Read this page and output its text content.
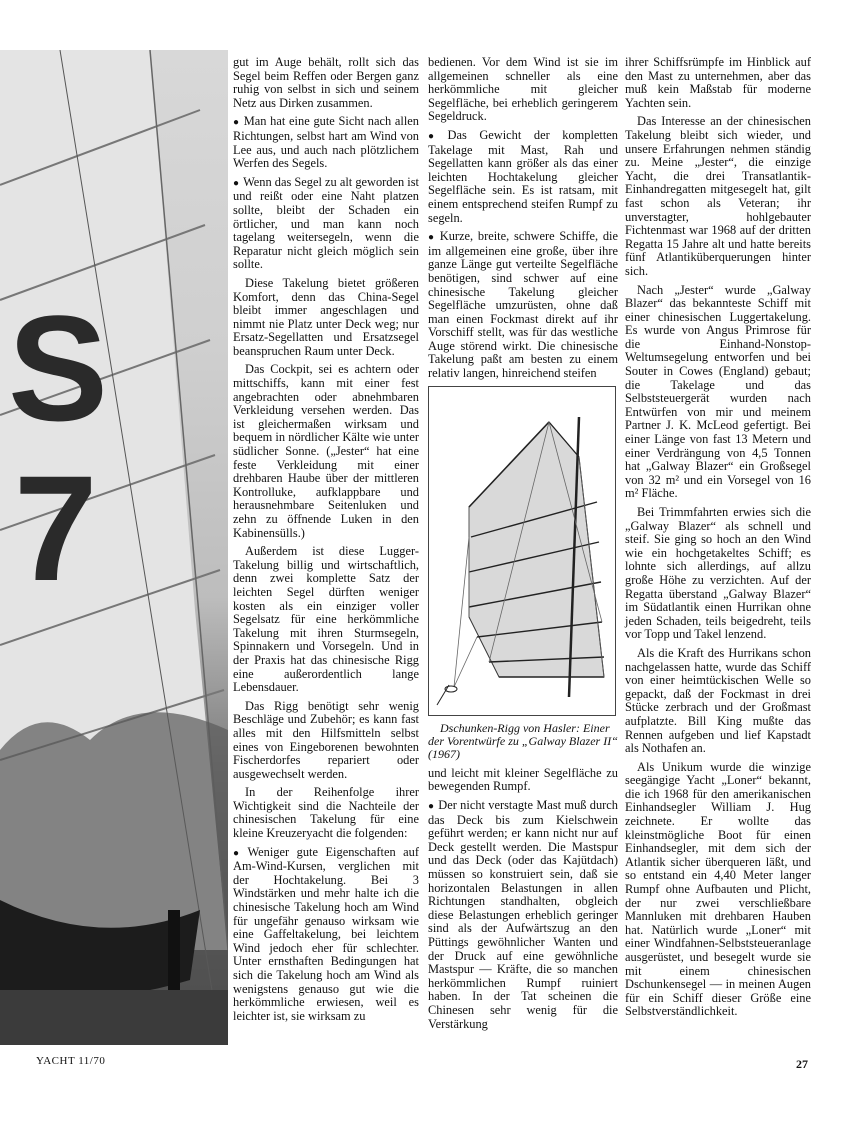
S
7

gut im Auge behält, rollt sich das Segel beim Reffen oder Bergen ganz ruhig von selbst in sich und seinem Netz aus Dirken zusammen.

● Man hat eine gute Sicht nach allen Richtungen, selbst hart am Wind von Lee aus, und auch nach plötzlichem Werfen des Segels.

● Wenn das Segel zu alt geworden ist und reißt oder eine Naht platzen sollte, bleibt der Schaden ein örtlicher, und man kann noch tagelang weitersegeln, wenn die Reparatur nicht gleich möglich sein sollte.

Diese Takelung bietet größeren Komfort, denn das China-Segel bleibt immer angeschlagen und nimmt nie Platz unter Deck weg; nur Ersatz-Segellatten und Ersatzsegel beanspruchen Raum unter Deck.

Das Cockpit, sei es achtern oder mittschiffs, kann mit einer fest angebrachten oder abnehmbaren Verkleidung versehen werden. Das ist gleichermaßen wirksam und bequem in nördlicher Kälte wie unter südlicher Sonne. („Jester“ hat eine feste Verkleidung mit einer drehbaren Haube über der mittleren Kontrolluke, aufklappbare und herausnehmbare Seitenluken und zehn zu öffnende Luken in den Kabinensülls.)

Außerdem ist diese Lugger-Takelung billig und wirtschaftlich, denn zwei komplette Satz der leichten Segel dürften weniger kosten als ein einziger voller Segelsatz für eine herkömmliche Takelung mit ihren Sturmsegeln, Spinnakern und Vorsegeln. Und in der Praxis hat das chinesische Rigg eine außerordentlich lange Lebensdauer.

Das Rigg benötigt sehr wenig Beschläge und Zubehör; es kann fast alles mit den Hilfsmitteln selbst eines von Eingeborenen bewohnten Fischerdorfes repariert oder ausgewechselt werden.

In der Reihenfolge ihrer Wichtigkeit sind die Nachteile der chinesischen Takelung für eine kleine Kreuzeryacht die folgenden:

● Weniger gute Eigenschaften auf Am-Wind-Kursen, verglichen mit der Hochtakelung. Bei 3 Windstärken und mehr halte ich die chinesische Takelung hoch am Wind für ungefähr genauso wirksam wie eine Gaffeltakelung, bei leichtem Wind jedoch eher für schlechter. Unter ernsthaften Bedingungen hat sich die Takelung hoch am Wind als wenigstens genauso gut wie die herkömmliche erwiesen, weil es leichter ist, sie wirksam zu

bedienen. Vor dem Wind ist sie im allgemeinen schneller als eine herkömmliche mit gleicher Segelfläche, bei erheblich geringerem Segeldruck.

● Das Gewicht der kompletten Takelage mit Mast, Rah und Segellatten kann größer als das einer leichten Hochtakelung gleicher Segelfläche sein. Es ist ratsam, mit einem entsprechend steifen Rumpf zu segeln.

● Kurze, breite, schwere Schiffe, die im allgemeinen eine große, über ihre ganze Länge gut verteilte Segelfläche benötigen, sind schwer auf eine chinesische Takelung gleicher Segelfläche umzurüsten, ohne daß man einen Fockmast direkt auf ihr Vorschiff stellt, was für das westliche Auge störend wirkt. Die chinesische Takelung paßt am besten zu einem relativ langen, hinreichend steifen

Dschunken-Rigg von Hasler: Einer der Vorentwürfe zu „Galway Blazer II“ (1967)

und leicht mit kleiner Segelfläche zu bewegenden Rumpf.

● Der nicht verstagte Mast muß durch das Deck bis zum Kielschwein geführt werden; er kann nicht nur auf Deck gestellt werden. Die Mastspur und das Deck (oder das Kajütdach) müssen so konstruiert sein, daß sie horizontalen Belastungen in allen Richtungen standhalten, obgleich diese Belastungen erheblich geringer sind als der Aufwärtszug an den Püttings gewöhnlicher Wanten und der Druck auf eine gewöhnliche Mastspur — Kräfte, die so manchen herkömmlichen Rumpf ruiniert haben. In der Tat scheinen die Chinesen sehr wenig für die Verstärkung

ihrer Schiffsrümpfe im Hinblick auf den Mast zu unternehmen, aber das muß kein Maßstab für moderne Yachten sein.

Das Interesse an der chinesischen Takelung bleibt sich wieder, und unsere Erfahrungen nehmen ständig zu. Meine „Jester“, die einzige Yacht, die drei Transatlantik-Einhandregatten mitgesegelt hat, gilt fast schon als Veteran; ihr unverstagter, hohlgebauter Fichtenmast war 1968 auf der dritten Regatta 15 Jahre alt und hatte bereits fünf Atlantiküberquerungen hinter sich.

Nach „Jester“ wurde „Galway Blazer“ das bekannteste Schiff mit einer chinesischen Luggertakelung. Es wurde von Angus Primrose für die Einhand-Nonstop-Weltumsegelung entworfen und bei Souter in Cowes (England) gebaut; die Takelage und das Selbststeuergerät wurden nach Entwürfen von mir und meinem Partner J. K. McLeod gefertigt. Bei einer Länge von fast 13 Metern und einer Verdrängung von 4,5 Tonnen hat „Galway Blazer“ ein Großsegel von 32 m² und ein Vorsegel von 16 m² Fläche.

Bei Trimmfahrten erwies sich die „Galway Blazer“ als schnell und steif. Sie ging so hoch an den Wind wie ein hochgetakeltes Schiff; es lohnte sich allerdings, auf allzu große Höhe zu verzichten. Auf der Regatta überstand „Galway Blazer“ im Südatlantik einen Hurrikan ohne jeden Schaden, teils beigedreht, teils vor Topp und Takel lenzend.

Als die Kraft des Hurrikans schon nachgelassen hatte, wurde das Schiff von einer heimtückischen Welle so gepackt, daß der Fockmast in drei Stücke zerbrach und der Großmast aufplatzte. Bill King mußte das Rennen aufgeben und lief Kapstadt als Nothafen an.

Als Unikum wurde die winzige seegängige Yacht „Loner“ bekannt, die ich 1968 für den amerikanischen Einhandsegler William J. Hug zeichnete. Er wollte das kleinstmögliche Boot für einen Einhandsegler, mit dem sich der Atlantik sicher überqueren läßt, und so entstand ein 4,40 Meter langer Rumpf ohne Aufbauten und Plicht, der nur zwei verschließbare Mannluken mit drehbaren Hauben hat. Natürlich wurde „Loner“ mit einer Windfahnen-Selbststeueranlage ausgerüstet, und besegelt wurde sie mit einem chinesischen Dschunkensegel — in meinen Augen für ein Schiff dieser Größe eine Selbstverständlichkeit.

YACHT 11/70	27
